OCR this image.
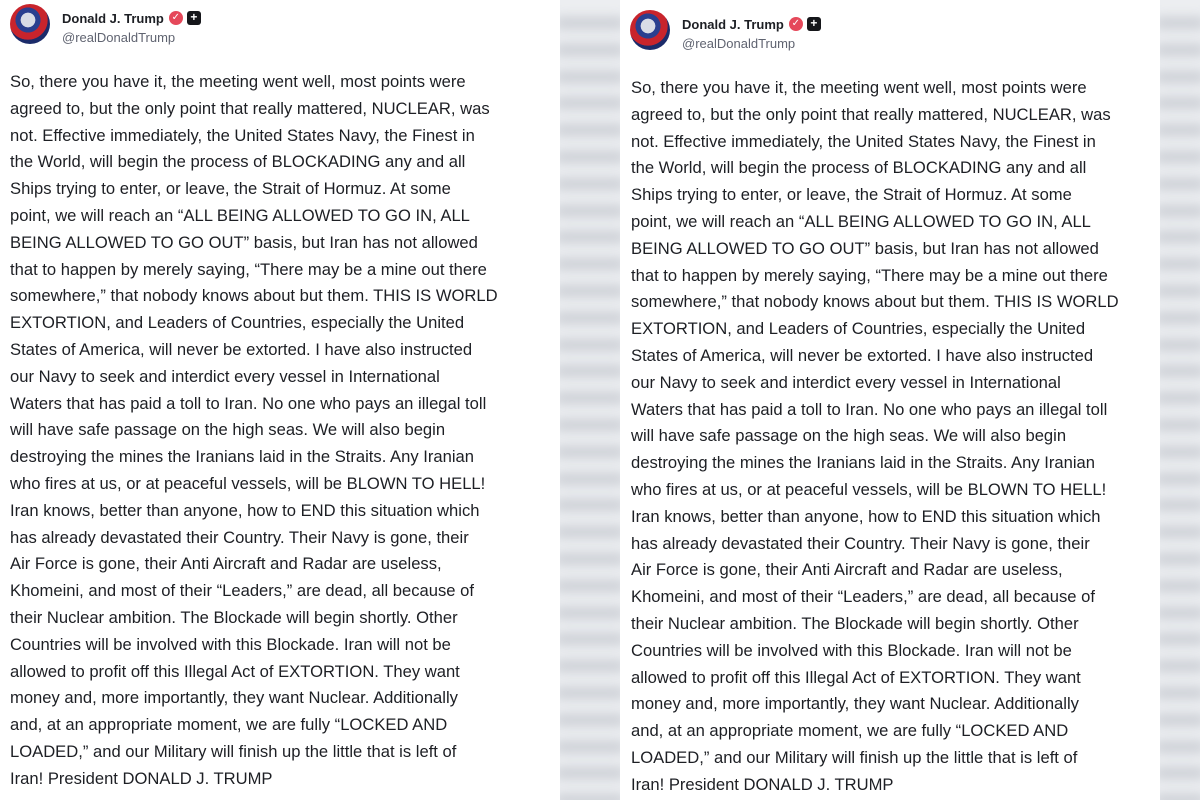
Donald J. Trump ✓ +
@realDonaldTrump

So, there you have it, the meeting went well, most points were
agreed to, but the only point that really mattered, NUCLEAR, was
not. Effective immediately, the United States Navy, the Finest in
the World, will begin the process of BLOCKADING any and all
Ships trying to enter, or leave, the Strait of Hormuz. At some
point, we will reach an “ALL BEING ALLOWED TO GO IN, ALL
BEING ALLOWED TO GO OUT” basis, but Iran has not allowed
that to happen by merely saying, “There may be a mine out there
somewhere,” that nobody knows about but them. THIS IS WORLD
EXTORTION, and Leaders of Countries, especially the United
States of America, will never be extorted. I have also instructed
our Navy to seek and interdict every vessel in International
Waters that has paid a toll to Iran. No one who pays an illegal toll
will have safe passage on the high seas. We will also begin
destroying the mines the Iranians laid in the Straits. Any Iranian
who fires at us, or at peaceful vessels, will be BLOWN TO HELL!
Iran knows, better than anyone, how to END this situation which
has already devastated their Country. Their Navy is gone, their
Air Force is gone, their Anti Aircraft and Radar are useless,
Khomeini, and most of their “Leaders,” are dead, all because of
their Nuclear ambition. The Blockade will begin shortly. Other
Countries will be involved with this Blockade. Iran will not be
allowed to profit off this Illegal Act of EXTORTION. They want
money and, more importantly, they want Nuclear. Additionally
and, at an appropriate moment, we are fully “LOCKED AND
LOADED,” and our Military will finish up the little that is left of
Iran! President DONALD J. TRUMP

Donald J. Trump ✓ +
@realDonaldTrump

So, there you have it, the meeting went well, most points were
agreed to, but the only point that really mattered, NUCLEAR, was
not. Effective immediately, the United States Navy, the Finest in
the World, will begin the process of BLOCKADING any and all
Ships trying to enter, or leave, the Strait of Hormuz. At some
point, we will reach an “ALL BEING ALLOWED TO GO IN, ALL
BEING ALLOWED TO GO OUT” basis, but Iran has not allowed
that to happen by merely saying, “There may be a mine out there
somewhere,” that nobody knows about but them. THIS IS WORLD
EXTORTION, and Leaders of Countries, especially the United
States of America, will never be extorted. I have also instructed
our Navy to seek and interdict every vessel in International
Waters that has paid a toll to Iran. No one who pays an illegal toll
will have safe passage on the high seas. We will also begin
destroying the mines the Iranians laid in the Straits. Any Iranian
who fires at us, or at peaceful vessels, will be BLOWN TO HELL!
Iran knows, better than anyone, how to END this situation which
has already devastated their Country. Their Navy is gone, their
Air Force is gone, their Anti Aircraft and Radar are useless,
Khomeini, and most of their “Leaders,” are dead, all because of
their Nuclear ambition. The Blockade will begin shortly. Other
Countries will be involved with this Blockade. Iran will not be
allowed to profit off this Illegal Act of EXTORTION. They want
money and, more importantly, they want Nuclear. Additionally
and, at an appropriate moment, we are fully “LOCKED AND
LOADED,” and our Military will finish up the little that is left of
Iran! President DONALD J. TRUMP
